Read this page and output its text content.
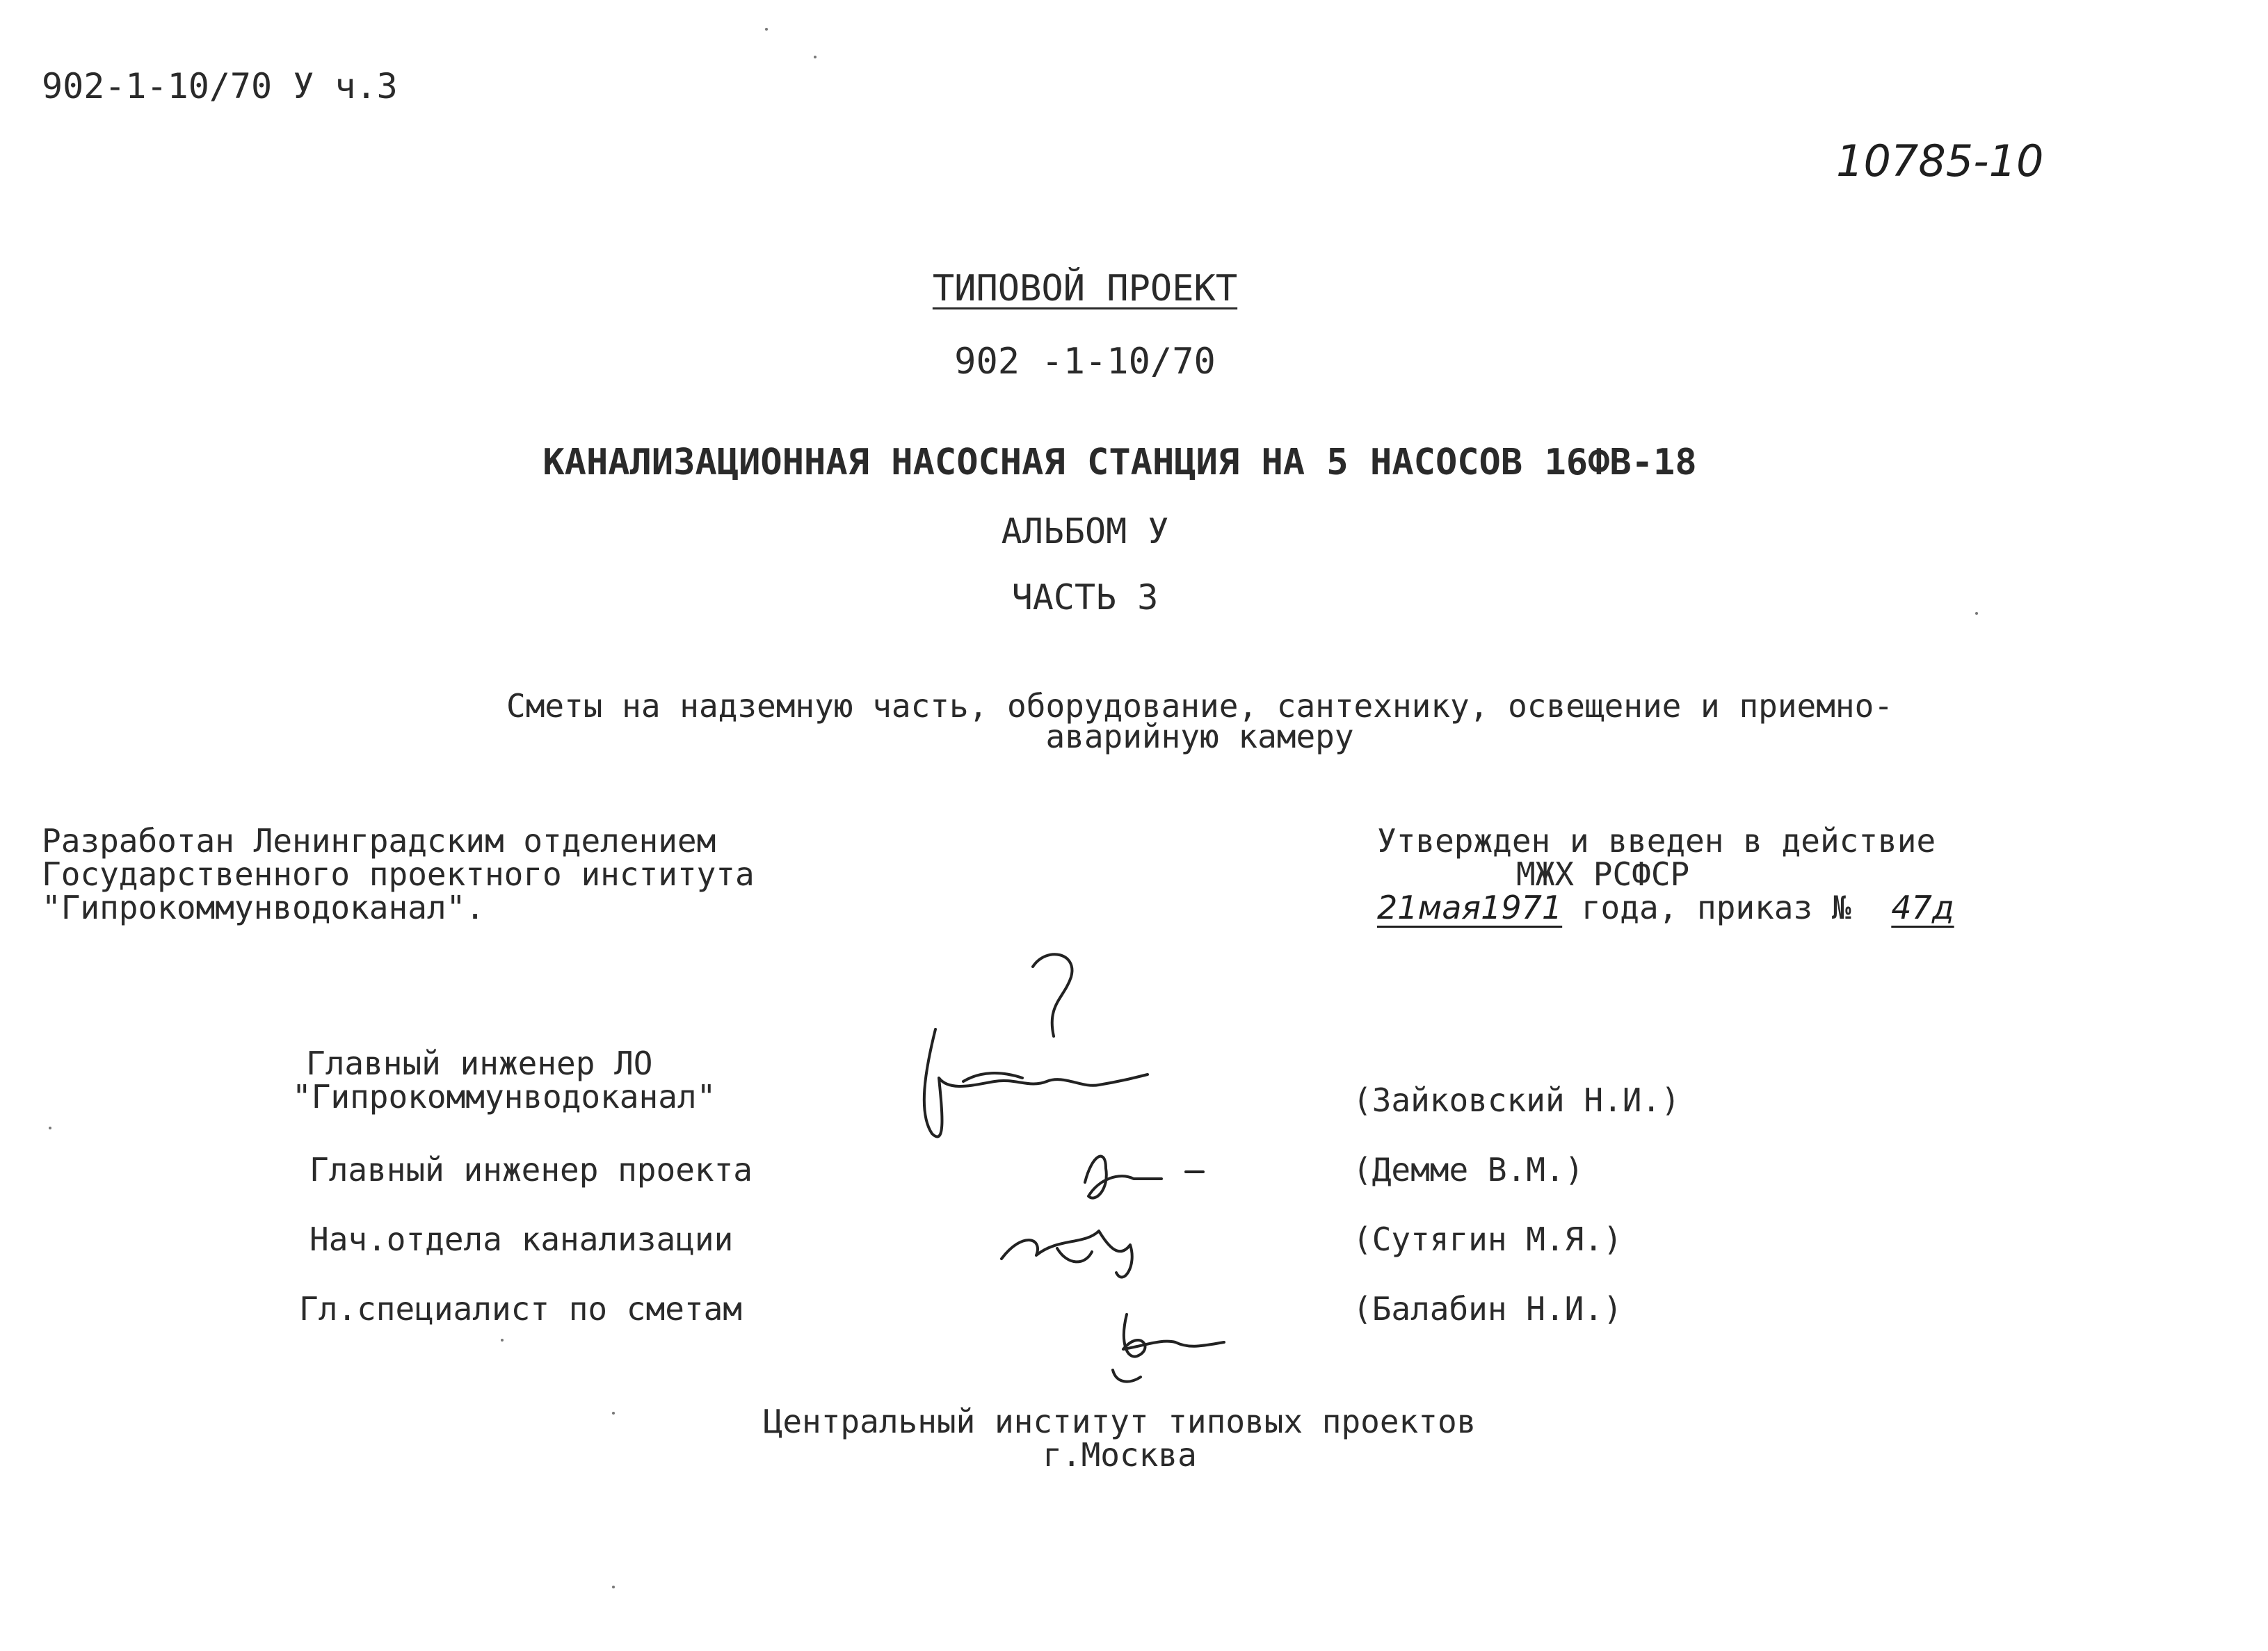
902-1-10/70 У ч.3
10785-10
ТИПОВОЙ ПРОЕКТ
902 -1-10/70
КАНАЛИЗАЦИОННАЯ НАСОСНАЯ СТАНЦИЯ НА 5 НАСОСОВ 16ФВ-18
АЛЬБОМ У
ЧАСТЬ 3
Сметы на надземную часть, оборудование, сантехнику, освещение и приемно-
аварийную камеру
Разработан Ленинградским отделением
Государственного проектного института
"Гипрокоммунводоканал".
Утвержден и введен в действие
МЖХ РСФСР
21мая1971 года, приказ № 47д
Главный инженер ЛО
"Гипрокоммунводоканал"
Главный инженер проекта
Нач.отдела канализации
Гл.специалист по сметам
(Зайковский Н.И.)
(Демме В.М.)
(Сутягин М.Я.)
(Балабин Н.И.)
Центральный институт типовых проектов
г.Москва
